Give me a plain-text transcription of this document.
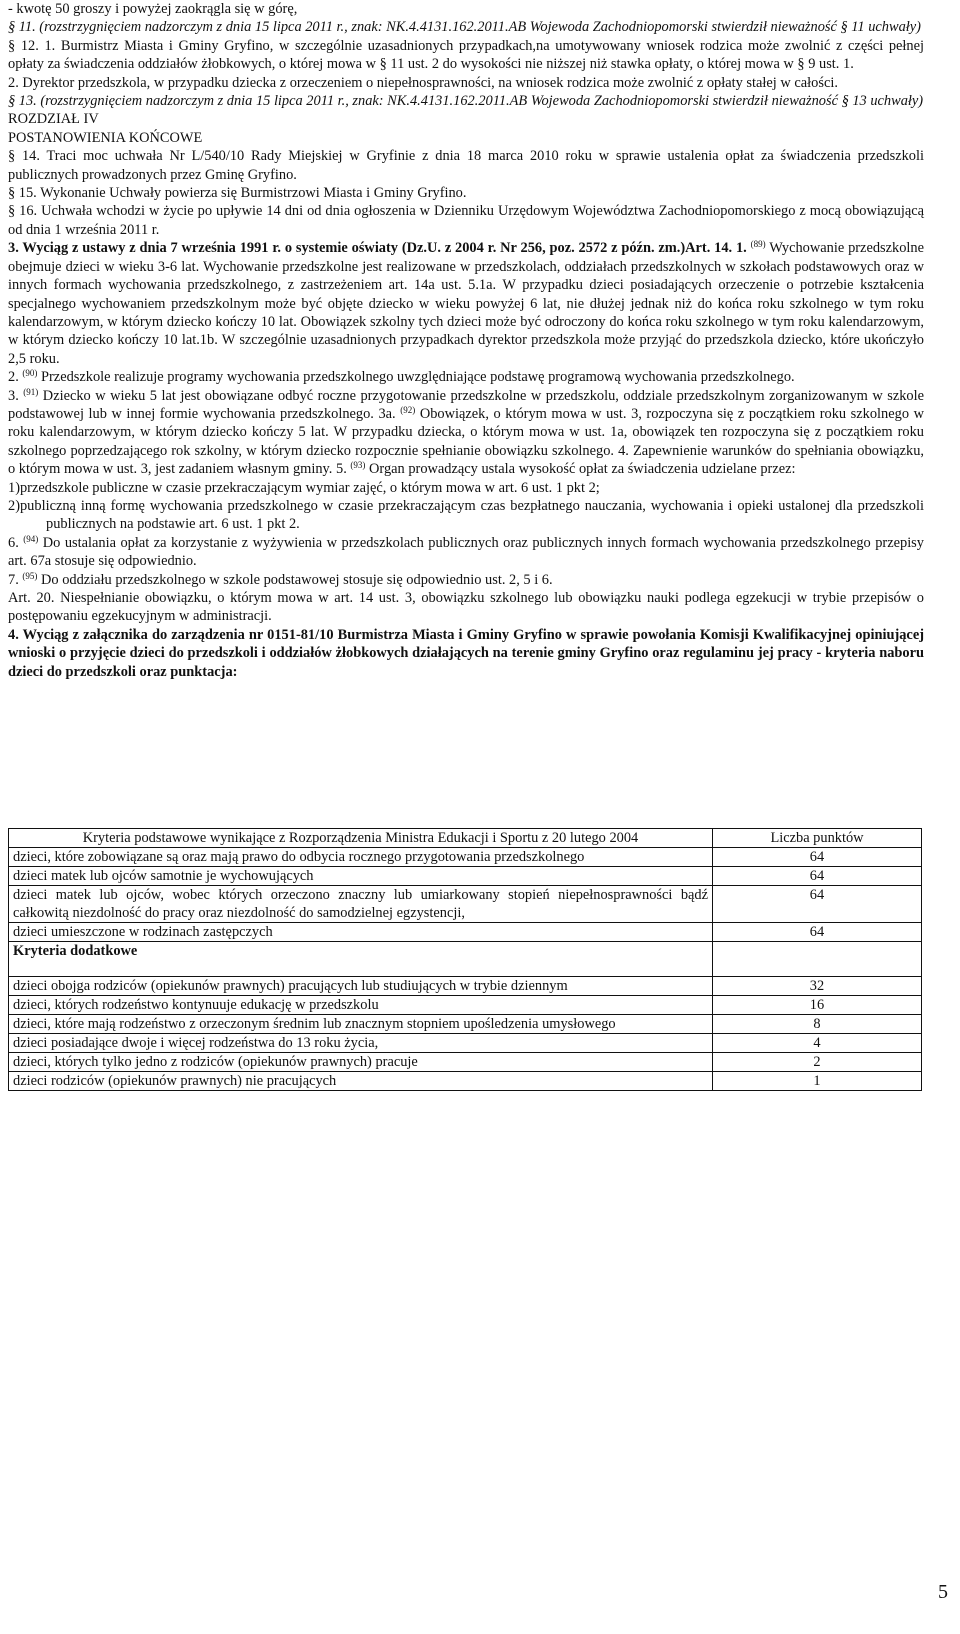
- kwotę 50 groszy i powyżej zaokrągla się w górę,

§ 11. (rozstrzygnięciem nadzorczym z dnia 15 lipca 2011 r., znak: NK.4.4131.162.2011.AB Wojewoda Zachodniopomorski stwierdził nieważność § 11 uchwały)

§ 12. 1. Burmistrz Miasta i Gminy Gryfino, w szczególnie uzasadnionych przypadkach,na umotywowany wniosek rodzica może zwolnić z części pełnej opłaty za świadczenia oddziałów żłobkowych, o której mowa w § 11 ust. 2 do wysokości nie niższej niż stawka opłaty, o której mowa w § 9 ust. 1.

2. Dyrektor przedszkola, w przypadku dziecka z orzeczeniem o niepełnosprawności, na wniosek rodzica może zwolnić z opłaty stałej w całości.

§ 13. (rozstrzygnięciem nadzorczym z dnia 15 lipca 2011 r., znak: NK.4.4131.162.2011.AB Wojewoda Zachodniopomorski stwierdził nieważność § 13 uchwały)

ROZDZIAŁ IV

POSTANOWIENIA KOŃCOWE

§ 14. Traci moc uchwała Nr L/540/10 Rady Miejskiej w Gryfinie z dnia 18 marca 2010 roku w sprawie ustalenia opłat za świadczenia przedszkoli publicznych prowadzonych przez Gminę Gryfino.

§ 15. Wykonanie Uchwały powierza się Burmistrzowi Miasta i Gminy Gryfino.

§ 16. Uchwała wchodzi w życie po upływie 14 dni od dnia ogłoszenia w Dzienniku Urzędowym Województwa Zachodniopomorskiego z mocą obowiązującą od dnia 1 września 2011 r.

3. Wyciąg z ustawy z dnia 7 września 1991 r. o systemie oświaty (Dz.U. z 2004 r. Nr 256, poz. 2572 z późn. zm.)Art. 14. 1. $^{(89)}$ Wychowanie przedszkolne obejmuje dzieci w wieku 3-6 lat. Wychowanie przedszkolne jest realizowane w przedszkolach, oddziałach przedszkolnych w szkołach podstawowych oraz w innych formach wychowania przedszkolnego, z zastrzeżeniem art. 14a ust. 5.1a. W przypadku dzieci posiadających orzeczenie o potrzebie kształcenia specjalnego wychowaniem przedszkolnym może być objęte dziecko w wieku powyżej 6 lat, nie dłużej jednak niż do końca roku szkolnego w tym roku kalendarzowym, w którym dziecko kończy 10 lat. Obowiązek szkolny tych dzieci może być odroczony do końca roku szkolnego w tym roku kalendarzowym, w którym dziecko kończy 10 lat.1b. W szczególnie uzasadnionych przypadkach dyrektor przedszkola może przyjąć do przedszkola dziecko, które ukończyło 2,5 roku.

2. $^{(90)}$ Przedszkole realizuje programy wychowania przedszkolnego uwzględniające podstawę programową wychowania przedszkolnego.

3. $^{(91)}$ Dziecko w wieku 5 lat jest obowiązane odbyć roczne przygotowanie przedszkolne w przedszkolu, oddziale przedszkolnym zorganizowanym w szkole podstawowej lub w innej formie wychowania przedszkolnego. 3a. $^{(92)}$ Obowiązek, o którym mowa w ust. 3, rozpoczyna się z początkiem roku szkolnego w roku kalendarzowym, w którym dziecko kończy 5 lat. W przypadku dziecka, o którym mowa w ust. 1a, obowiązek ten rozpoczyna się z początkiem roku szkolnego poprzedzającego rok szkolny, w którym dziecko rozpocznie spełnianie obowiązku szkolnego. 4. Zapewnienie warunków do spełniania obowiązku, o którym mowa w ust. 3, jest zadaniem własnym gminy. 5. $^{(93)}$ Organ prowadzący ustala wysokość opłat za świadczenia udzielane przez:

1)przedszkole publiczne w czasie przekraczającym wymiar zajęć, o którym mowa w art. 6 ust. 1 pkt 2;

2)publiczną inną formę wychowania przedszkolnego w czasie przekraczającym czas bezpłatnego nauczania, wychowania i opieki ustalonej dla przedszkoli publicznych na podstawie art. 6 ust. 1 pkt 2.

6. $^{(94)}$ Do ustalania opłat za korzystanie z wyżywienia w przedszkolach publicznych oraz publicznych innych formach wychowania przedszkolnego przepisy art. 67a stosuje się odpowiednio.

7. $^{(95)}$ Do oddziału przedszkolnego w szkole podstawowej stosuje się odpowiednio ust. 2, 5 i 6.

Art. 20. Niespełnianie obowiązku, o którym mowa w art. 14 ust. 3, obowiązku szkolnego lub obowiązku nauki podlega egzekucji w trybie przepisów o postępowaniu egzekucyjnym w administracji.

4. Wyciąg z załącznika do zarządzenia nr 0151-81/10 Burmistrza Miasta i Gminy Gryfino w sprawie powołania Komisji Kwalifikacyjnej opiniującej wnioski o przyjęcie dzieci do przedszkoli i oddziałów żłobkowych działających na terenie gminy Gryfino oraz regulaminu jej pracy - kryteria naboru dzieci do przedszkoli oraz punktacja:

Kryteria podstawowe wynikające z Rozporządzenia Ministra Edukacji i Sportu z 20 lutego 2004	Liczba punktów
dzieci, które zobowiązane są oraz mają prawo do odbycia rocznego przygotowania przedszkolnego	64
dzieci matek lub ojców samotnie je wychowujących	64
dzieci matek lub ojców, wobec których orzeczono znaczny lub umiarkowany stopień niepełnosprawności bądź całkowitą niezdolność do pracy oraz niezdolność do samodzielnej egzystencji,	64
dzieci umieszczone w rodzinach zastępczych	64
Kryteria dodatkowe	
dzieci obojga rodziców (opiekunów prawnych) pracujących lub studiujących w trybie dziennym	32
dzieci, których rodzeństwo kontynuuje edukację w przedszkolu	16
dzieci, które mają rodzeństwo z orzeczonym średnim lub znacznym stopniem upośledzenia umysłowego	8
dzieci posiadające dwoje i więcej rodzeństwa do 13 roku życia,	4
dzieci, których tylko jedno z rodziców (opiekunów prawnych) pracuje	2
dzieci rodziców (opiekunów prawnych) nie pracujących	1
5
